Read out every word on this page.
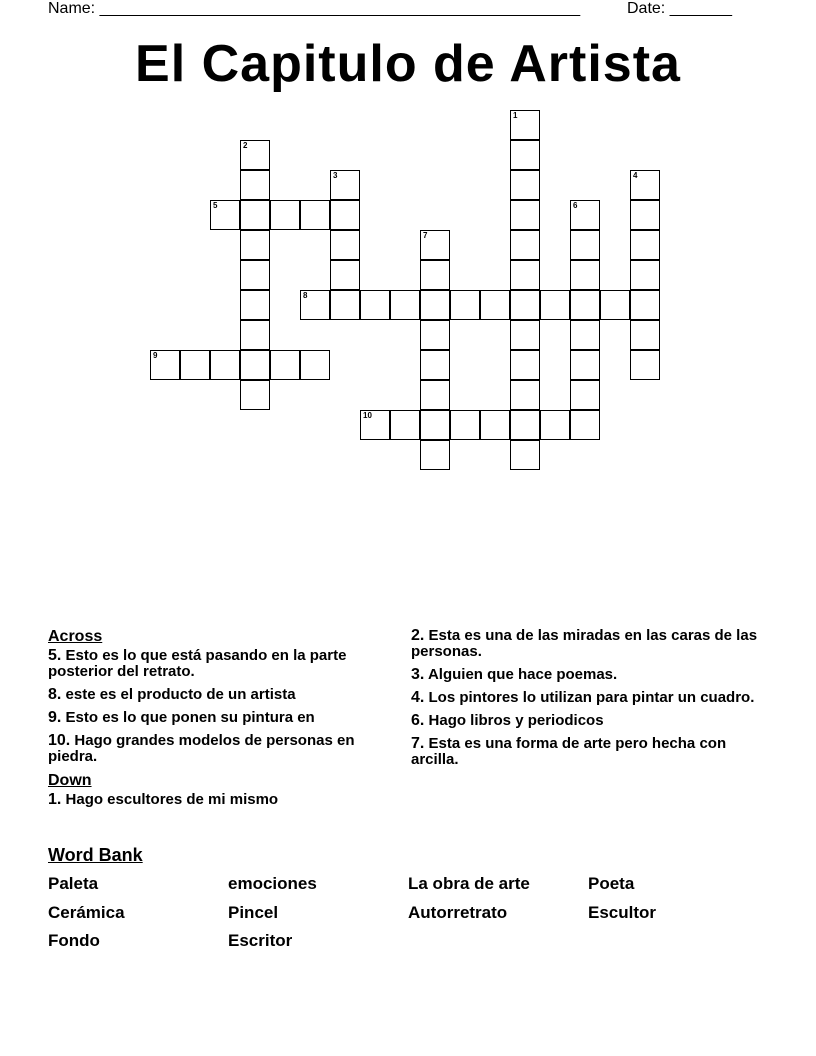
Name: ______________________________________________________	Date: _______
El Capitulo de Artista
1
2
3	4
6
7
5
8
9
10
Across
5. Esto es lo que está pasando en la parte posterior del retrato.
8. este es el producto de un artista
9. Esto es lo que ponen su pintura en
10. Hago grandes modelos de personas en piedra.
Down
1. Hago escultores de mi mismo
2. Esta es una de las miradas en las caras de las personas.
3. Alguien que hace poemas.
4. Los pintores lo utilizan para pintar un cuadro.
6. Hago libros y periodicos
7. Esta es una forma de arte pero hecha con arcilla.
Word Bank
Paleta	emociones	La obra de arte	Poeta
Cerámica	Pincel	Autorretrato	Escultor
Fondo	Escritor
